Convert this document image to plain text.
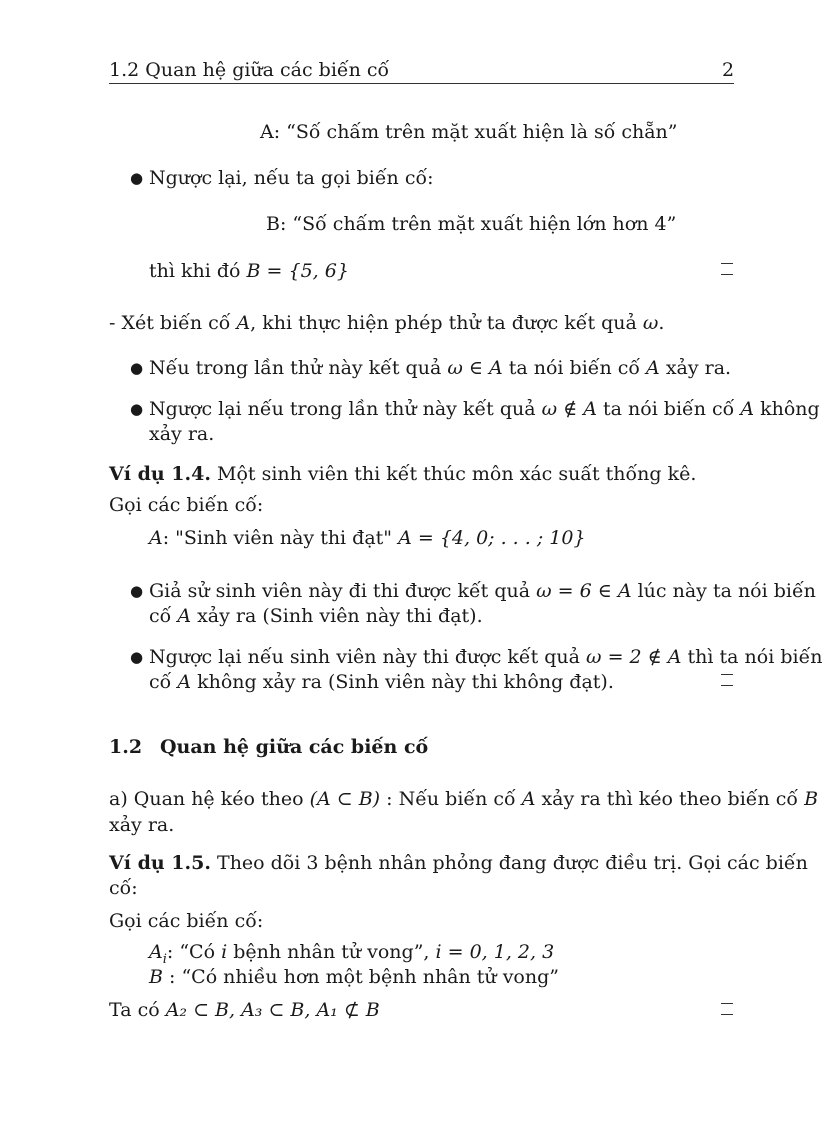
1.2 Quan hệ giữa các biến cố	2
A: “Số chấm trên mặt xuất hiện là số chẵn”
● Ngược lại, nếu ta gọi biến cố:
B: “Số chấm trên mặt xuất hiện lớn hơn 4”
thì khi đó B = {5, 6}
- Xét biến cố A, khi thực hiện phép thử ta được kết quả ω.
● Nếu trong lần thử này kết quả ω ∈ A ta nói biến cố A xảy ra.
● Ngược lại nếu trong lần thử này kết quả ω ∉ A ta nói biến cố A không
xảy ra.
Ví dụ 1.4. Một sinh viên thi kết thúc môn xác suất thống kê.
Gọi các biến cố:
A: "Sinh viên này thi đạt" A = {4, 0; . . . ; 10}
● Giả sử sinh viên này đi thi được kết quả ω = 6 ∈ A lúc này ta nói biến
cố A xảy ra (Sinh viên này thi đạt).
● Ngược lại nếu sinh viên này thi được kết quả ω = 2 ∉ A thì ta nói biến
cố A không xảy ra (Sinh viên này thi không đạt).
1.2 Quan hệ giữa các biến cố
a) Quan hệ kéo theo (A ⊂ B) : Nếu biến cố A xảy ra thì kéo theo biến cố B
xảy ra.
Ví dụ 1.5. Theo dõi 3 bệnh nhân phỏng đang được điều trị. Gọi các biến
cố:
Gọi các biến cố:
$A_i$: “Có i bệnh nhân tử vong”, i = 0, 1, 2, 3
B : “Có nhiều hơn một bệnh nhân tử vong”
Ta có A₂ ⊂ B, A₃ ⊂ B, A₁ ⊄ B
